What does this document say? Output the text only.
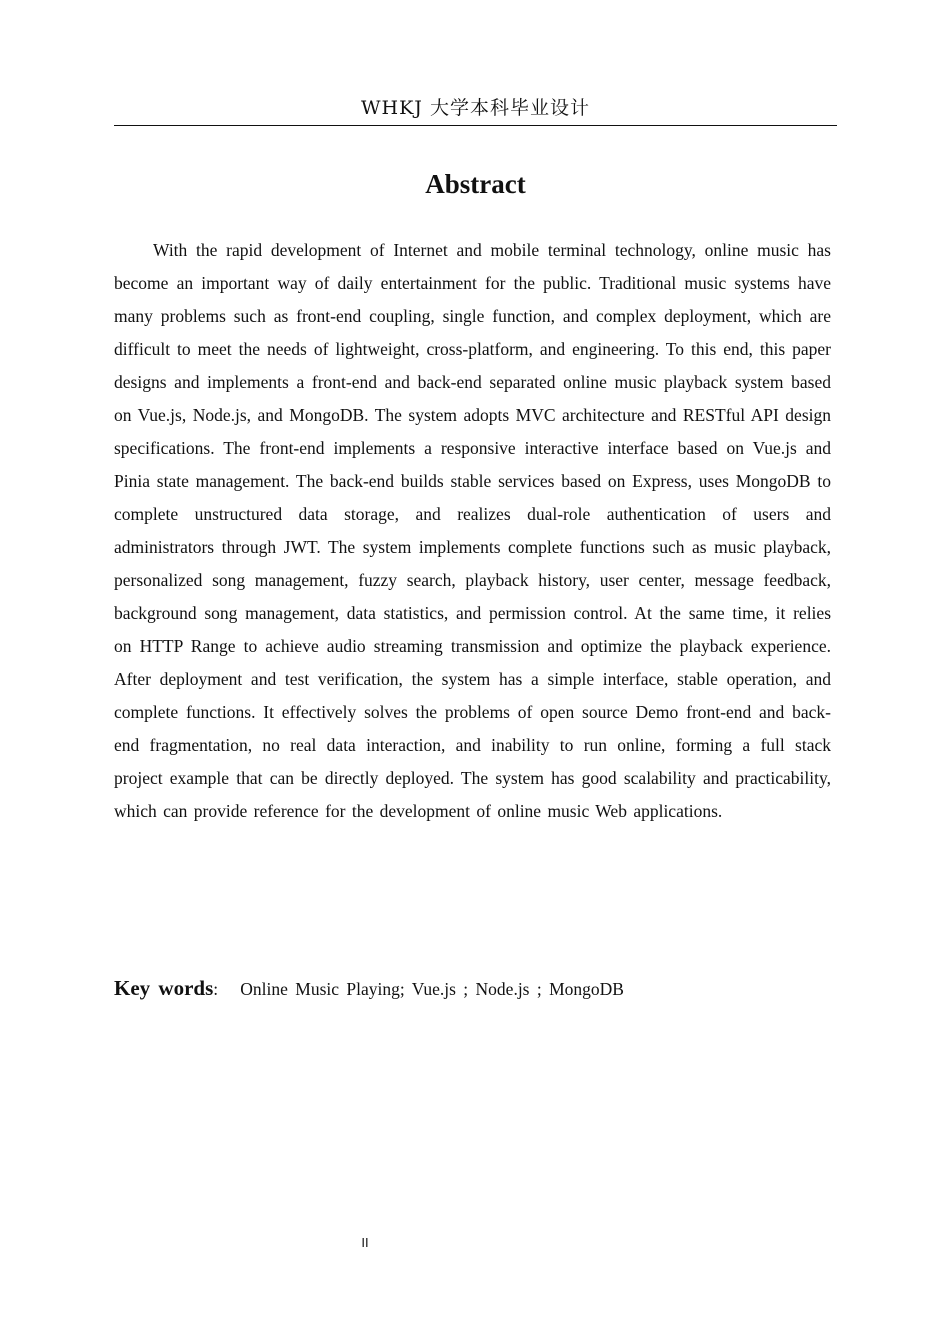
WHKJ 大学本科毕业设计
Abstract

With the rapid development of Internet and mobile terminal technology, online music has become an important way of daily entertainment for the public. Traditional music systems have many problems such as front-end coupling, single function, and complex deployment, which are difficult to meet the needs of lightweight, cross-platform, and engineering. To this end, this paper designs and implements a front-end and back-end separated online music playback system based on Vue.js, Node.js, and MongoDB. The system adopts MVC architecture and RESTful API design specifications. The front-end implements a responsive interactive interface based on Vue.js and Pinia state management. The back-end builds stable services based on Express, uses MongoDB to complete unstructured data storage, and realizes dual-role authentication of users and administrators through JWT. The system implements complete functions such as music playback, personalized song management, fuzzy search, playback history, user center, message feedback, background song management, data statistics, and permission control. At the same time, it relies on HTTP Range to achieve audio streaming transmission and optimize the playback experience. After deployment and test verification, the system has a simple interface, stable operation, and complete functions. It effectively solves the problems of open source Demo front-end and back-end fragmentation, no real data interaction, and inability to run online, forming a full stack project example that can be directly deployed. The system has good scalability and practicability, which can provide reference for the development of online music Web applications.

Key words: Online Music Playing; Vue.js ; Node.js ; MongoDB
II
